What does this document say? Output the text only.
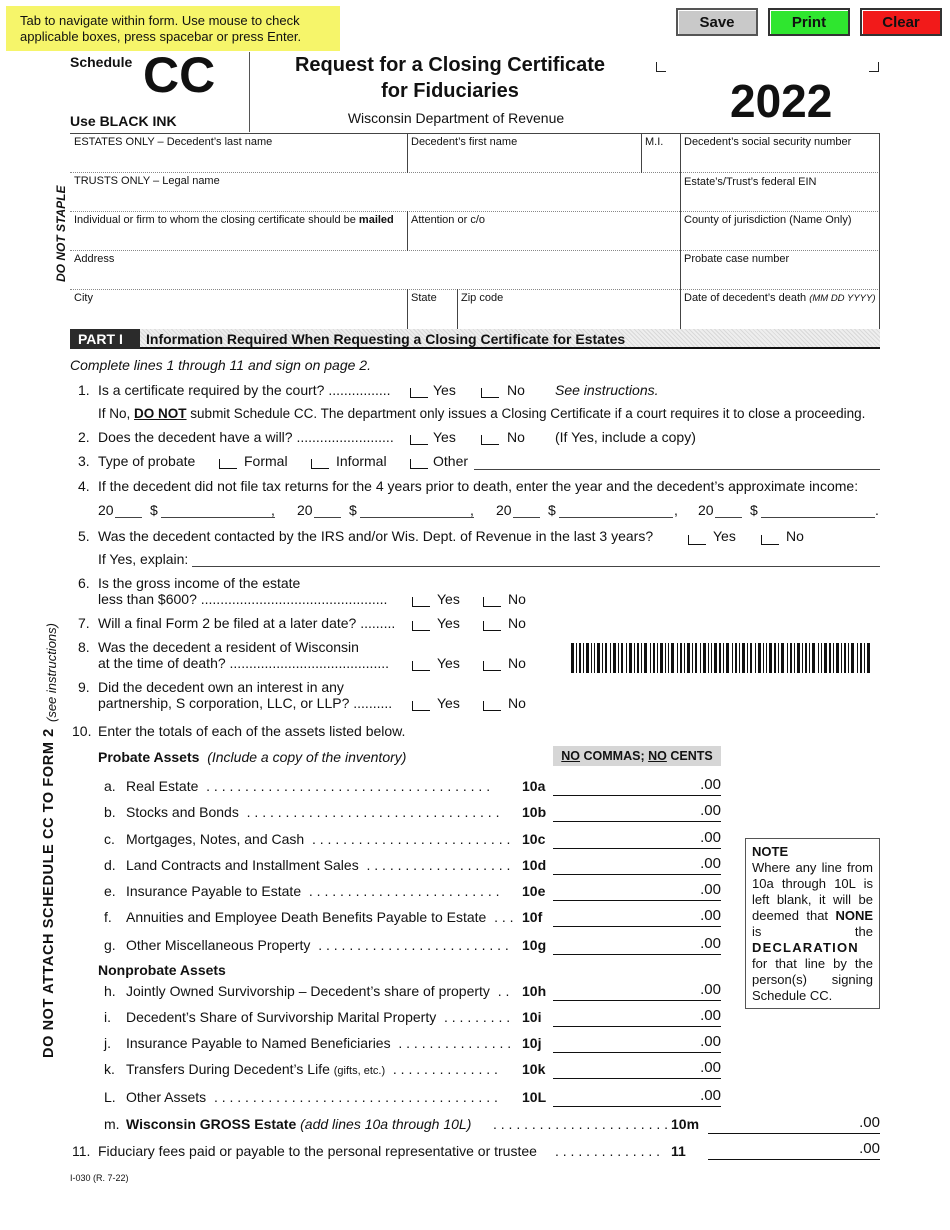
Tab to navigate within form. Use mouse to check applicable boxes, press spacebar or press Enter.
Save	Print	Clear
Schedule CC
Use BLACK INK
Request for a Closing Certificate
for Fiduciaries
Wisconsin Department of Revenue	2022
DO NOT STAPLE
DO NOT ATTACH SCHEDULE CC TO FORM 2
(see instructions)
ESTATES ONLY – Decedent’s last name	Decedent’s first name	M.I. Decedent’s social security number
TRUSTS ONLY – Legal name	Estate’s/Trust’s federal EIN
Individual or firm to whom the closing certificate should be mailed Attention or c/o	County of jurisdiction (Name Only)
Address	Probate case number
City	State Zip code	Date of decedent’s death (MM DD YYYY)
PART I	Information Required When Requesting a Closing Certificate for Estates
Complete lines 1 through 11 and sign on page 2.
1. Is a certificate required by the court? ................	Yes	No See instructions.
If No, DO NOT submit Schedule CC. The department only issues a Closing Certificate if a court requires it to close a proceeding.
2. Does the decedent have a will? .........................	Yes	No (If Yes, include a copy)
3. Type of probate	Formal	Informal	Other
4. If the decedent did not file tax returns for the 4 years prior to death, enter the year and the decedent’s approximate income:
20	$	, 20	$	, 20	$	, 20	$	.
5. Was the decedent contacted by the IRS and/or Wis. Dept. of Revenue in the last 3 years?	Yes	No
If Yes, explain:
6. Is the gross income of the estate
less than $600? ................................................	Yes	No
7. Will a final Form 2 be filed at a later date? .........	Yes	No
8. Was the decedent a resident of Wisconsin
at the time of death? .........................................	Yes	No
9. Did the decedent own an interest in any
partnership, S corporation, LLC, or LLP? ..........	Yes	No
10. Enter the totals of each of the assets listed below.
Probate Assets (Include a copy of the inventory)	NO COMMAS; NO CENTS
a. Real Estate . . . . . . . . . . . . . . . . . . . . . . . . . . . . . . . . . . . . . 10a	.00
b. Stocks and Bonds . . . . . . . . . . . . . . . . . . . . . . . . . . . . . . . . . 10b	.00
c. Mortgages, Notes, and Cash . . . . . . . . . . . . . . . . . . . . . . . . . . 10c	.00
d. Land Contracts and Installment Sales . . . . . . . . . . . . . . . . . . . 10d	.00
e. Insurance Payable to Estate . . . . . . . . . . . . . . . . . . . . . . . . . 10e	.00
f. Annuities and Employee Death Benefits Payable to Estate . . . 10f	.00
g. Other Miscellaneous Property . . . . . . . . . . . . . . . . . . . . . . . . . 10g	.00
h. Jointly Owned Survivorship – Decedent’s share of property . . 10h	.00
i. Decedent’s Share of Survivorship Marital Property . . . . . . . . . 10i	.00
j. Insurance Payable to Named Beneficiaries . . . . . . . . . . . . . . . 10j	.00
k. Transfers During Decedent’s Life (gifts, etc.) . . . . . . . . . . . . . . 10k	.00
L. Other Assets . . . . . . . . . . . . . . . . . . . . . . . . . . . . . . . . . . . . . 10L	.00
Nonprobate Assets
m. Wisconsin GROSS Estate (add lines 10a through 10L) . . . . . . . . . . . . . . . . . . . . . . . 10m	.00
11. Fiduciary fees paid or payable to the personal representative or trustee . . . . . . . . . . . . . . 11	.00
NOTE
Where any line from 10a through 10L is left blank, it will be deemed that NONE is the DECLARATION for that line by the person(s) signing Schedule CC.
I-030 (R. 7-22)
